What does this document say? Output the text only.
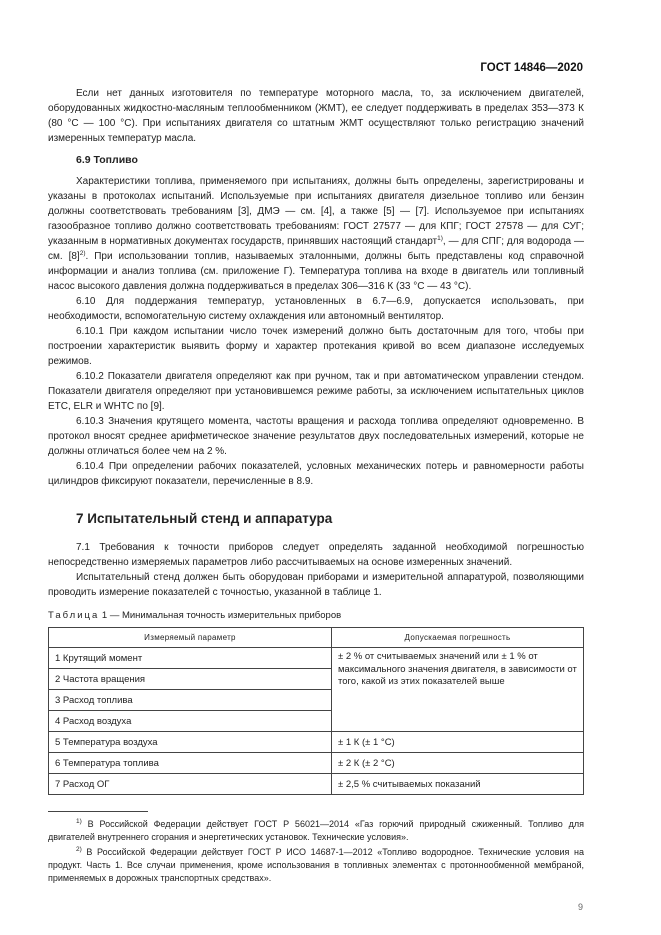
ГОСТ 14846—2020

Если нет данных изготовителя по температуре моторного масла, то, за исключением двигателей, оборудованных жидкостно-масляным теплообменником (ЖМТ), ее следует поддерживать в пределах 353—373 К (80 °С — 100 °С). При испытаниях двигателя со штатным ЖМТ осуществляют только регистрацию значений измеренных температур масла.

6.9 Топливо

Характеристики топлива, применяемого при испытаниях, должны быть определены, зарегистрированы и указаны в протоколах испытаний. Используемые при испытаниях двигателя дизельное топливо или бензин должны соответствовать требованиям [3], ДМЭ — см. [4], а также [5] — [7]. Используемое при испытаниях газообразное топливо должно соответствовать требованиям: ГОСТ 27577 — для КПГ; ГОСТ 27578 — для СУГ; указанным в нормативных документах государств, принявших настоящий стандарт$^{1)}$, — для СПГ; для водорода — см. $[8]^{2)}$. При использовании топлив, называемых эталонными, должны быть представлены код справочной информации и анализ топлива (см. приложение Г). Температура топлива на входе в двигатель или топливный насос высокого давления должна поддерживаться в пределах 306—316 К (33 °С — 43 °С).

6.10 Для поддержания температур, установленных в 6.7—6.9, допускается использовать, при необходимости, вспомогательную систему охлаждения или автономный вентилятор.

6.10.1 При каждом испытании число точек измерений должно быть достаточным для того, чтобы при построении характеристик выявить форму и характер протекания кривой во всем диапазоне исследуемых режимов.

6.10.2 Показатели двигателя определяют как при ручном, так и при автоматическом управлении стендом. Показатели двигателя определяют при установившемся режиме работы, за исключением испытательных циклов ETC, ELR и WHTC по [9].

6.10.3 Значения крутящего момента, частоты вращения и расхода топлива определяют одновременно. В протокол вносят среднее арифметическое значение результатов двух последовательных измерений, которые не должны отличаться более чем на 2 %.

6.10.4 При определении рабочих показателей, условных механических потерь и равномерности работы цилиндров фиксируют показатели, перечисленные в 8.9.

7 Испытательный стенд и аппаратура

7.1 Требования к точности приборов следует определять заданной необходимой погрешностью непосредственно измеряемых параметров либо рассчитываемых на основе измеренных значений.

Испытательный стенд должен быть оборудован приборами и измерительной аппаратурой, позволяющими проводить измерение показателей с точностью, указанной в таблице 1.

Таблица 1 — Минимальная точность измерительных приборов
Измеряемый параметр	Допускаемая погрешность
1 Крутящий момент	± 2 % от считываемых значений или ± 1 % от максимального значения двигателя, в зависимости от того, какой из этих показателей выше
2 Частота вращения	
3 Расход топлива	
4 Расход воздуха	
5 Температура воздуха	± 1 К (± 1 °С)
6 Температура топлива	± 2 К (± 2 °С)
7 Расход ОГ	± 2,5 % считываемых показаний

$^{1)}$ В Российской Федерации действует ГОСТ Р 56021—2014 «Газ горючий природный сжиженный. Топливо для двигателей внутреннего сгорания и энергетических установок. Технические условия».

$^{2)}$ В Российской Федерации действует ГОСТ Р ИСО 14687-1—2012 «Топливо водородное. Технические условия на продукт. Часть 1. Все случаи применения, кроме использования в топливных элементах с протоннообменной мембраной, применяемых в дорожных транспортных средствах».

9
